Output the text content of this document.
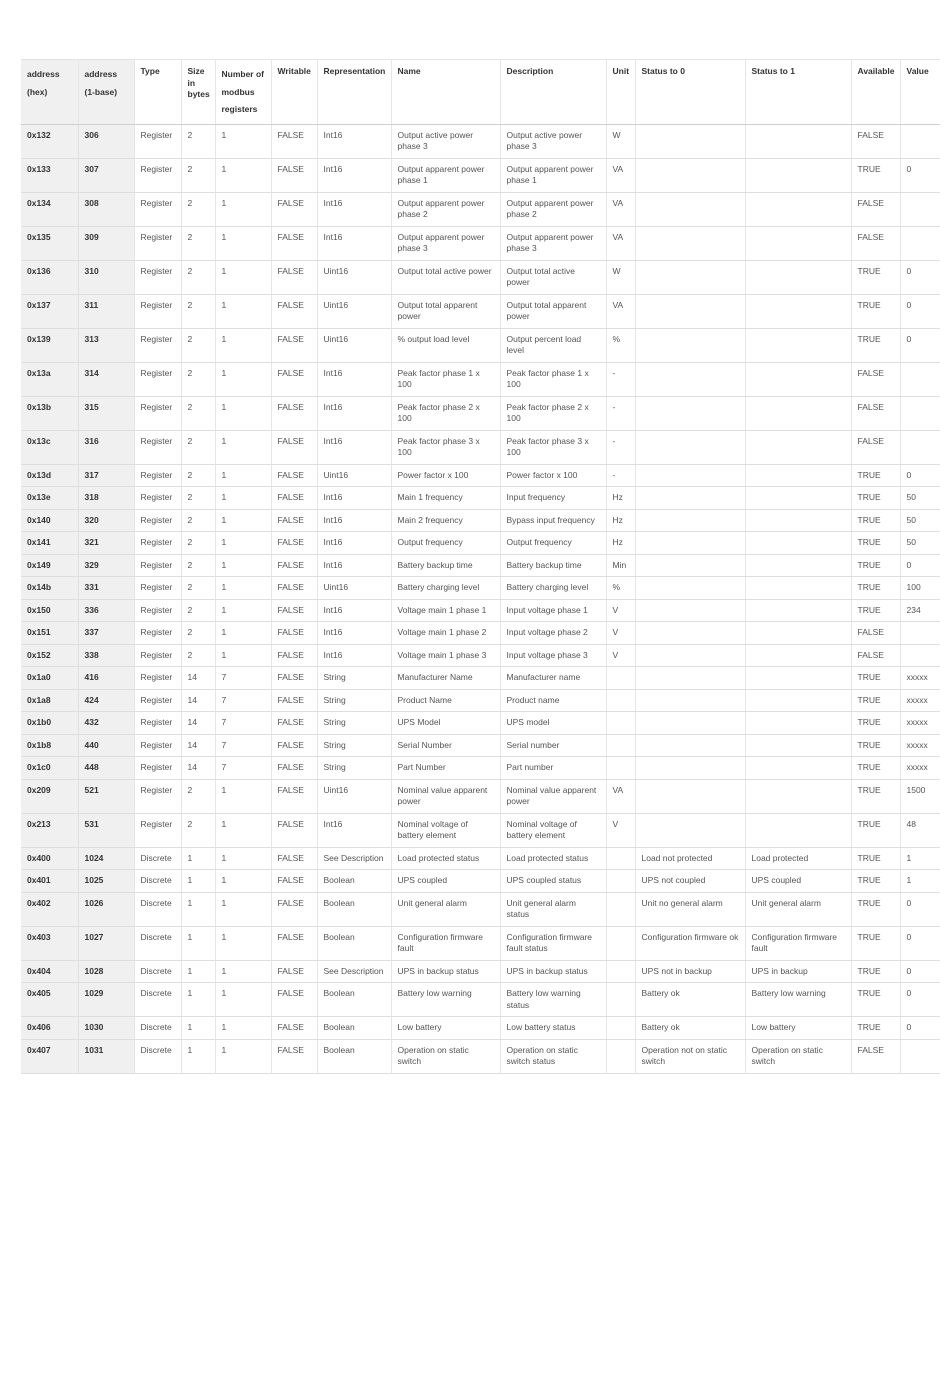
address (hex)	address (1-base)	Type	Size in bytes	Number of modbus registers	Writable	Representation	Name	Description	Unit	Status to 0	Status to 1	Available	Value
0x132	306	Register	2	1	FALSE	Int16	Output active power phase 3	Output active power phase 3	W			FALSE	
0x133	307	Register	2	1	FALSE	Int16	Output apparent power phase 1	Output apparent power phase 1	VA			TRUE	0
0x134	308	Register	2	1	FALSE	Int16	Output apparent power phase 2	Output apparent power phase 2	VA			FALSE	
0x135	309	Register	2	1	FALSE	Int16	Output apparent power phase 3	Output apparent power phase 3	VA			FALSE	
0x136	310	Register	2	1	FALSE	Uint16	Output total active power	Output total active power	W			TRUE	0
0x137	311	Register	2	1	FALSE	Uint16	Output total apparent power	Output total apparent power	VA			TRUE	0
0x139	313	Register	2	1	FALSE	Uint16	% output load level	Output percent load level	%			TRUE	0
0x13a	314	Register	2	1	FALSE	Int16	Peak factor phase 1 x 100	Peak factor phase 1 x 100	-			FALSE	
0x13b	315	Register	2	1	FALSE	Int16	Peak factor phase 2 x 100	Peak factor phase 2 x 100	-			FALSE	
0x13c	316	Register	2	1	FALSE	Int16	Peak factor phase 3 x 100	Peak factor phase 3 x 100	-			FALSE	
0x13d	317	Register	2	1	FALSE	Uint16	Power factor x 100	Power factor x 100	-			TRUE	0
0x13e	318	Register	2	1	FALSE	Int16	Main 1 frequency	Input frequency	Hz			TRUE	50
0x140	320	Register	2	1	FALSE	Int16	Main 2 frequency	Bypass input frequency	Hz			TRUE	50
0x141	321	Register	2	1	FALSE	Int16	Output frequency	Output frequency	Hz			TRUE	50
0x149	329	Register	2	1	FALSE	Int16	Battery backup time	Battery backup time	Min			TRUE	0
0x14b	331	Register	2	1	FALSE	Uint16	Battery charging level	Battery charging level	%			TRUE	100
0x150	336	Register	2	1	FALSE	Int16	Voltage main 1 phase 1	Input voltage phase 1	V			TRUE	234
0x151	337	Register	2	1	FALSE	Int16	Voltage main 1 phase 2	Input voltage phase 2	V			FALSE	
0x152	338	Register	2	1	FALSE	Int16	Voltage main 1 phase 3	Input voltage phase 3	V			FALSE	
0x1a0	416	Register	14	7	FALSE	String	Manufacturer Name	Manufacturer name				TRUE	xxxxx
0x1a8	424	Register	14	7	FALSE	String	Product Name	Product name				TRUE	xxxxx
0x1b0	432	Register	14	7	FALSE	String	UPS Model	UPS model				TRUE	xxxxx
0x1b8	440	Register	14	7	FALSE	String	Serial Number	Serial number				TRUE	xxxxx
0x1c0	448	Register	14	7	FALSE	String	Part Number	Part number				TRUE	xxxxx
0x209	521	Register	2	1	FALSE	Uint16	Nominal value apparent power	Nominal value apparent power	VA			TRUE	1500
0x213	531	Register	2	1	FALSE	Int16	Nominal voltage of battery element	Nominal voltage of battery element	V			TRUE	48
0x400	1024	Discrete	1	1	FALSE	See Description	Load protected status	Load protected status		Load not protected	Load protected	TRUE	1
0x401	1025	Discrete	1	1	FALSE	Boolean	UPS coupled	UPS coupled status		UPS not coupled	UPS coupled	TRUE	1
0x402	1026	Discrete	1	1	FALSE	Boolean	Unit general alarm	Unit general alarm status		Unit no general alarm	Unit general alarm	TRUE	0
0x403	1027	Discrete	1	1	FALSE	Boolean	Configuration firmware fault	Configuration firmware fault status		Configuration firmware ok	Configuration firmware fault	TRUE	0
0x404	1028	Discrete	1	1	FALSE	See Description	UPS in backup status	UPS in backup status		UPS not in backup	UPS in backup	TRUE	0
0x405	1029	Discrete	1	1	FALSE	Boolean	Battery low warning	Battery low warning status		Battery ok	Battery low warning	TRUE	0
0x406	1030	Discrete	1	1	FALSE	Boolean	Low battery	Low battery status		Battery ok	Low battery	TRUE	0
0x407	1031	Discrete	1	1	FALSE	Boolean	Operation on static switch	Operation on static switch status		Operation not on static switch	Operation on static switch	FALSE	
